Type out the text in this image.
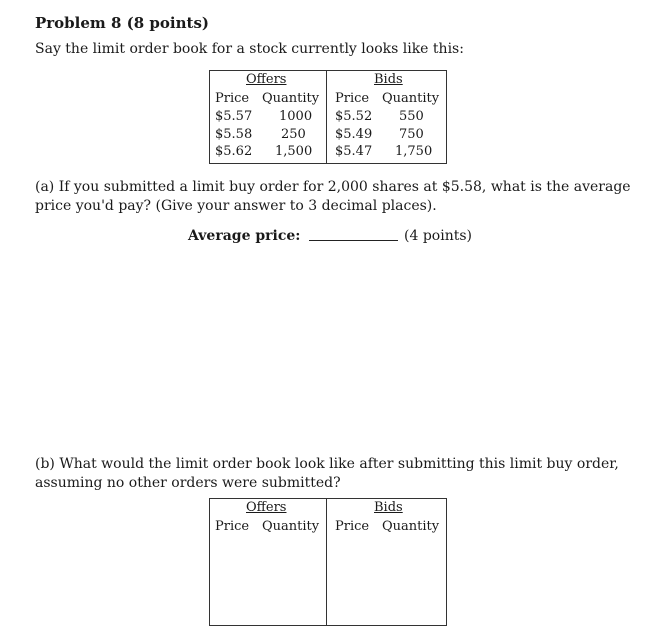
Problem 8 (8 points)
Say the limit order book for a stock currently looks like this:
Offers	Bids
Price Quantity Price Quantity
$5.57 1000 $5.52 550
$5.58 250 $5.49 750
$5.62 1,500 $5.47 1,750
(a) If you submitted a limit buy order for 2,000 shares at $5.58, what is the average price you'd pay? (Give your answer to 3 decimal places).
Average price:	(4 points)
(b) What would the limit order book look like after submitting this limit buy order, assuming no other orders were submitted?
Offers	Bids
Price Quantity Price Quantity
